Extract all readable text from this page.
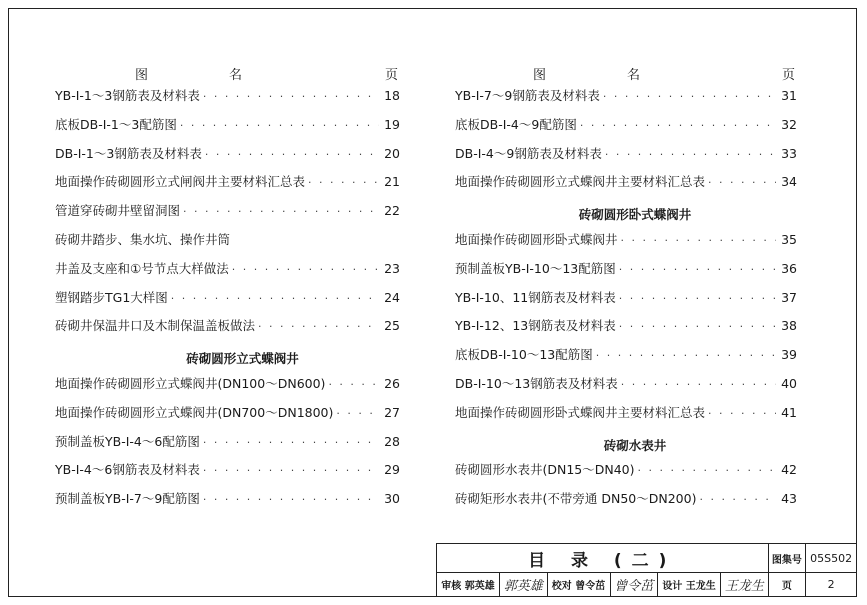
图	名	页
YB-Ⅰ-1～3钢筋表及材料表 · · ·	18
底板DB-Ⅰ-1～3配筋图 · · ·	19
DB-Ⅰ-1～3钢筋表及材料表 · · ·	20
地面操作砖砌圆形立式闸阀井主要材料汇总表 · · ·	21
管道穿砖砌井壁留洞图 · · ·	22
砖砌井踏步、集水坑、操作井筒
井盖及支座和①号节点大样做法 · · ·	23
塑钢踏步TG1大样图 · · ·	24
砖砌井保温井口及木制保温盖板做法 · · ·	25
砖砌圆形立式蝶阀井
地面操作砖砌圆形立式蝶阀井(DN100～DN600) · · ·	26
地面操作砖砌圆形立式蝶阀井(DN700～DN1800) · · ·	27
预制盖板YB-Ⅰ-4～6配筋图 · · ·	28
YB-Ⅰ-4～6钢筋表及材料表 · · ·	29
预制盖板YB-Ⅰ-7～9配筋图 · · ·	30
图	名	页
YB-Ⅰ-7～9钢筋表及材料表 · · ·	31
底板DB-Ⅰ-4～9配筋图 · · ·	32
DB-Ⅰ-4～9钢筋表及材料表 · · ·	33
地面操作砖砌圆形立式蝶阀井主要材料汇总表 · · ·	34
砖砌圆形卧式蝶阀井
地面操作砖砌圆形卧式蝶阀井 · · ·	35
预制盖板YB-Ⅰ-10～13配筋图 · · ·	36
YB-Ⅰ-10、11钢筋表及材料表 · · ·	37
YB-Ⅰ-12、13钢筋表及材料表 · · ·	38
底板DB-Ⅰ-10～13配筋图 · · ·	39
DB-Ⅰ-10～13钢筋表及材料表 · · ·	40
地面操作砖砌圆形卧式蝶阀井主要材料汇总表 · · ·	41
砖砌水表井
砖砌圆形水表井(DN15～DN40) · · ·	42
砖砌矩形水表井(不带旁通 DN50～DN200) · · ·	43
目 录 (二)						图集号	05S502
审核 郭英雄	郭英雄	校对 曾令茁	曾令茁	设计 王龙生	王龙生	页	2
